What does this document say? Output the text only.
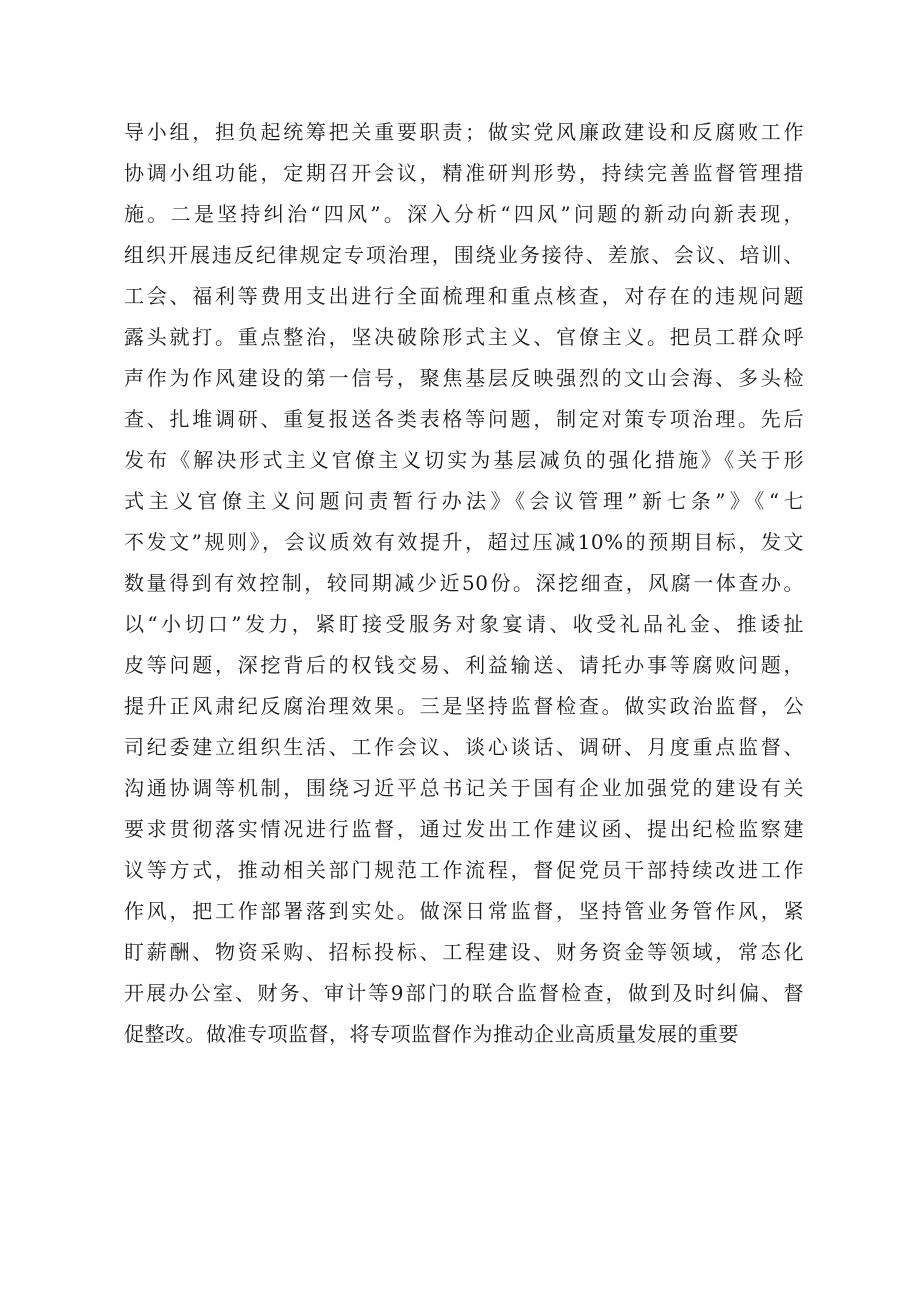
导小组，担负起统筹把关重要职责；做实党风廉政建设和反腐败工作
协调小组功能，定期召开会议，精准研判形势，持续完善监督管理措
施。二是坚持纠治“四风”。深入分析“四风”问题的新动向新表现，
组织开展违反纪律规定专项治理，围绕业务接待、差旅、会议、培训、
工会、福利等费用支出进行全面梳理和重点核查，对存在的违规问题
露头就打。重点整治，坚决破除形式主义、官僚主义。把员工群众呼
声作为作风建设的第一信号，聚焦基层反映强烈的文山会海、多头检
查、扎堆调研、重复报送各类表格等问题，制定对策专项治理。先后
发布《解决形式主义官僚主义切实为基层减负的强化措施》《关于形
式主义官僚主义问题问责暂行办法》《会议管理”新七条”》《“七
不发文”规则》，会议质效有效提升，超过压减10%的预期目标，发文
数量得到有效控制，较同期减少近50份。深挖细查，风腐一体查办。
以“小切口”发力，紧盯接受服务对象宴请、收受礼品礼金、推诿扯
皮等问题，深挖背后的权钱交易、利益输送、请托办事等腐败问题，
提升正风肃纪反腐治理效果。三是坚持监督检查。做实政治监督，公
司纪委建立组织生活、工作会议、谈心谈话、调研、月度重点监督、
沟通协调等机制，围绕习近平总书记关于国有企业加强党的建设有关
要求贯彻落实情况进行监督，通过发出工作建议函、提出纪检监察建
议等方式，推动相关部门规范工作流程，督促党员干部持续改进工作
作风，把工作部署落到实处。做深日常监督，坚持管业务管作风，紧
盯薪酬、物资采购、招标投标、工程建设、财务资金等领域，常态化
开展办公室、财务、审计等9部门的联合监督检查，做到及时纠偏、督
促整改。做准专项监督，将专项监督作为推动企业高质量发展的重要
